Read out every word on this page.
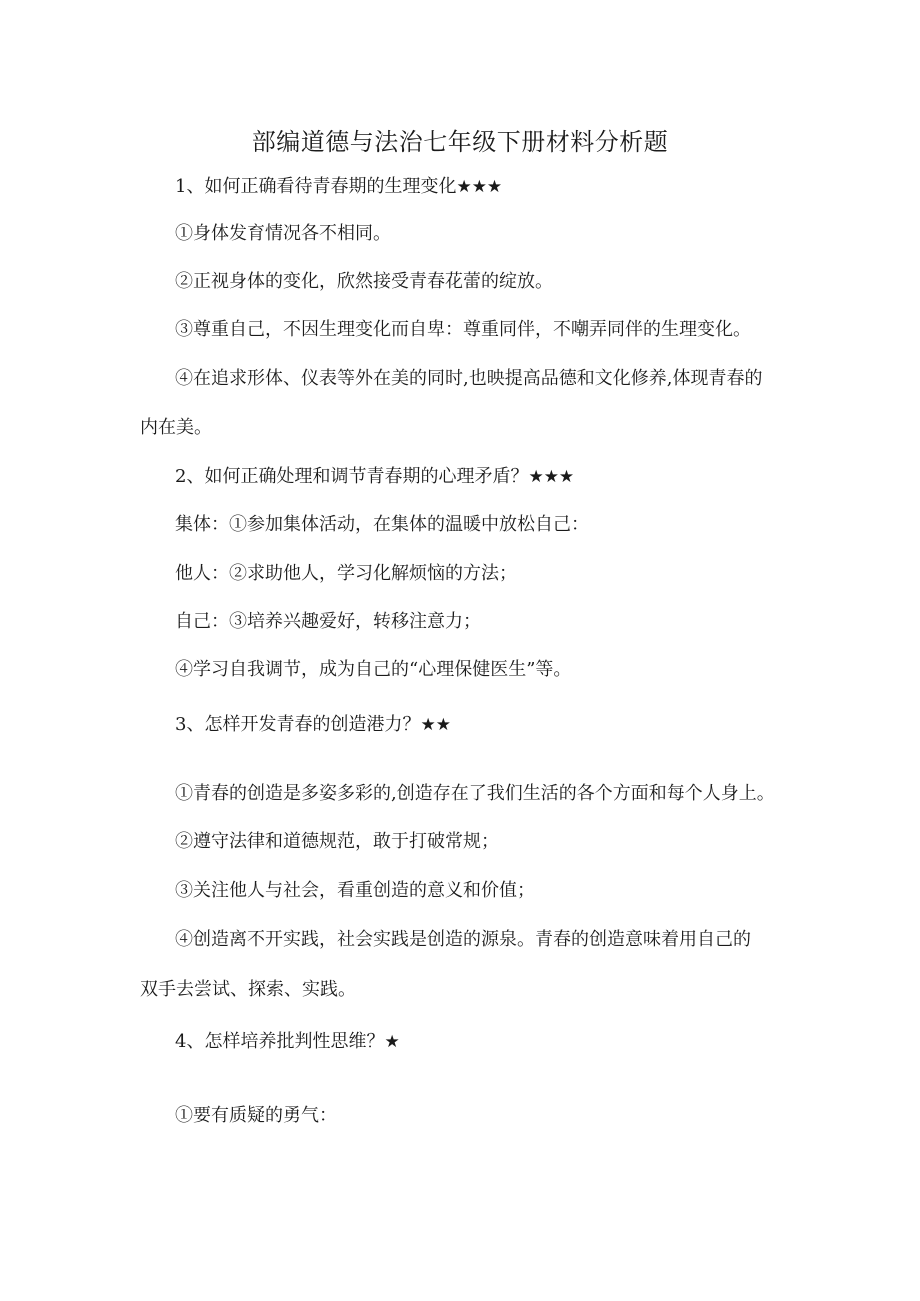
部编道德与法治七年级下册材料分析题
1、如何正确看待青春期的生理变化★★★
①身体发育情况各不相同。
②正视身体的变化，欣然接受青春花蕾的绽放。
③尊重自己，不因生理变化而自卑：尊重同伴，不嘲弄同伴的生理变化。
④在追求形体、仪表等外在美的同时,也映提高品德和文化修养,体现青春的
内在美。
2、如何正确处理和调节青春期的心理矛盾？★★★
集体：①参加集体活动，在集体的温暖中放松自己：
他人：②求助他人，学习化解烦恼的方法；
自己：③培养兴趣爱好，转移注意力；
④学习自我调节，成为自己的“心理保健医生”等。
3、怎样开发青春的创造港力？★★
①青春的创造是多姿多彩的,创造存在了我们生活的各个方面和每个人身上。
②遵守法律和道德规范，敢于打破常规；
③关注他人与社会，看重创造的意义和价值；
④创造离不开实践，社会实践是创造的源泉。青春的创造意味着用自己的
双手去尝试、探索、实践。
4、怎样培养批判性思维？★
①要有质疑的勇气：
